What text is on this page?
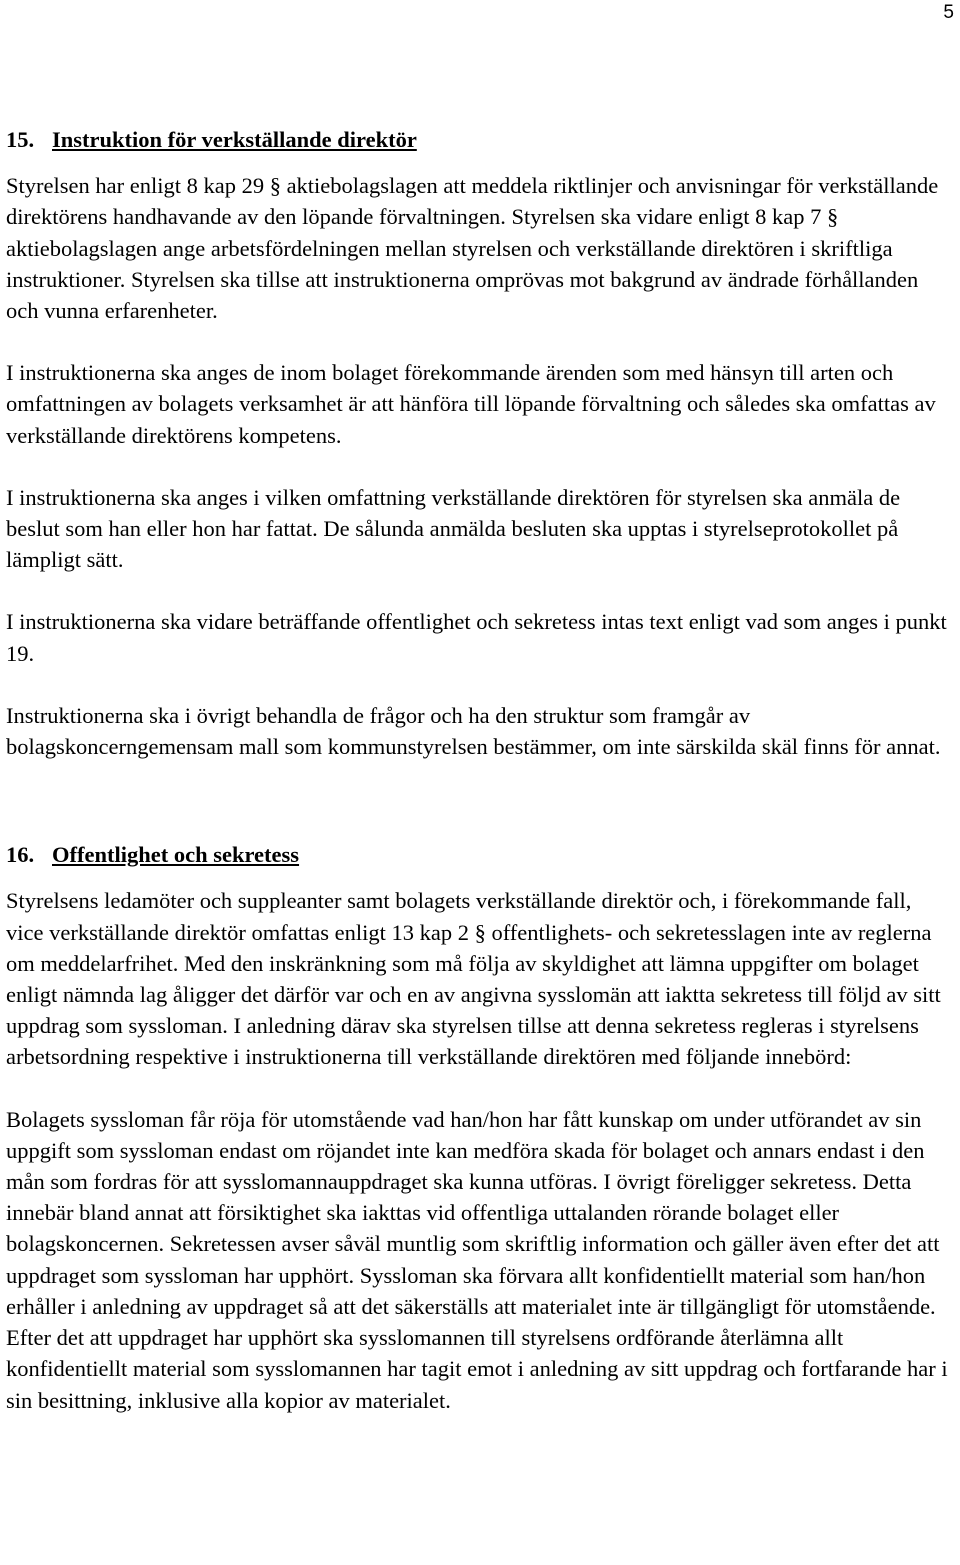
5
15. Instruktion för verkställande direktör

Styrelsen har enligt 8 kap 29 § aktiebolagslagen att meddela riktlinjer och anvisningar för verkställande direktörens handhavande av den löpande förvaltningen. Styrelsen ska vidare enligt 8 kap 7 § aktiebolagslagen ange arbetsfördelningen mellan styrelsen och verkställande direktören i skriftliga instruktioner. Styrelsen ska tillse att instruktionerna omprövas mot bakgrund av ändrade förhållanden och vunna erfarenheter.

I instruktionerna ska anges de inom bolaget förekommande ärenden som med hänsyn till arten och omfattningen av bolagets verksamhet är att hänföra till löpande förvaltning och således ska omfattas av verkställande direktörens kompetens.

I instruktionerna ska anges i vilken omfattning verkställande direktören för styrelsen ska anmäla de beslut som han eller hon har fattat. De sålunda anmälda besluten ska upptas i styrelseprotokollet på lämpligt sätt.

I instruktionerna ska vidare beträffande offentlighet och sekretess intas text enligt vad som anges i punkt 19.

Instruktionerna ska i övrigt behandla de frågor och ha den struktur som framgår av bolagskoncerngemensam mall som kommunstyrelsen bestämmer, om inte särskilda skäl finns för annat.

16. Offentlighet och sekretess

Styrelsens ledamöter och suppleanter samt bolagets verkställande direktör och, i förekommande fall, vice verkställande direktör omfattas enligt 13 kap 2 § offentlighets- och sekretesslagen inte av reglerna om meddelarfrihet. Med den inskränkning som må följa av skyldighet att lämna uppgifter om bolaget enligt nämnda lag åligger det därför var och en av angivna sysslomän att iaktta sekretess till följd av sitt uppdrag som syssloman. I anledning därav ska styrelsen tillse att denna sekretess regleras i styrelsens arbetsordning respektive i instruktionerna till verkställande direktören med följande innebörd:

Bolagets syssloman får röja för utomstående vad han/hon har fått kunskap om under utförandet av sin uppgift som syssloman endast om röjandet inte kan medföra skada för bolaget och annars endast i den mån som fordras för att sysslomannauppdraget ska kunna utföras. I övrigt föreligger sekretess. Detta innebär bland annat att försiktighet ska iakttas vid offentliga uttalanden rörande bolaget eller bolagskoncernen. Sekretessen avser såväl muntlig som skriftlig information och gäller även efter det att uppdraget som syssloman har upphört. Syssloman ska förvara allt konfidentiellt material som han/hon erhåller i anledning av uppdraget så att det säkerställs att materialet inte är tillgängligt för utomstående. Efter det att uppdraget har upphört ska sysslomannen till styrelsens ordförande återlämna allt konfidentiellt material som sysslomannen har tagit emot i anledning av sitt uppdrag och fortfarande har i sin besittning, inklusive alla kopior av materialet.
